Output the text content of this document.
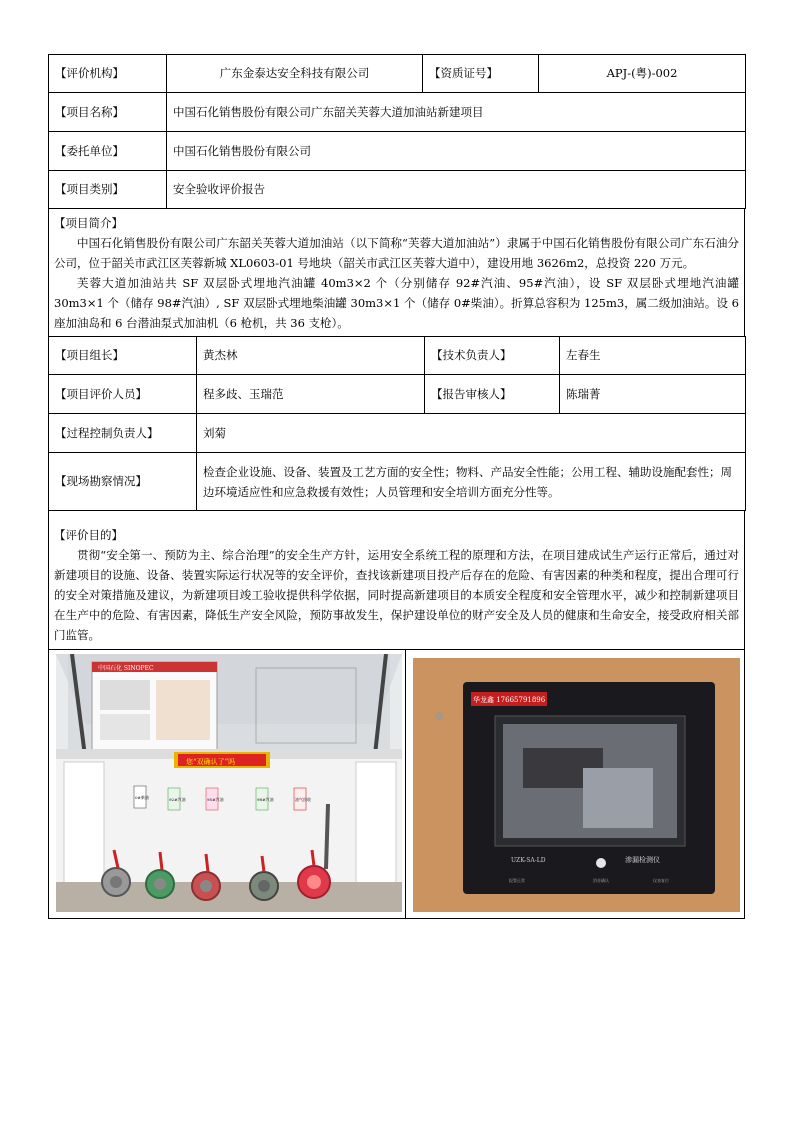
【评价机构】	广东金泰达安全科技有限公司	【资质证号】	APJ-(粤)-002
【项目名称】	中国石化销售股份有限公司广东韶关芙蓉大道加油站新建项目		
【委托单位】	中国石化销售股份有限公司		
【项目类别】	安全验收评价报告		
【项目简介】

中国石化销售股份有限公司广东韶关芙蓉大道加油站（以下简称“芙蓉大道加油站”）隶属于中国石化销售股份有限公司广东石油分公司，位于韶关市武江区芙蓉新城 XL0603-01 号地块（韶关市武江区芙蓉大道中），建设用地 3626m2，总投资 220 万元。

芙蓉大道加油站共 SF 双层卧式埋地汽油罐 40m3×2 个（分别储存 92#汽油、95#汽油），设 SF 双层卧式埋地汽油罐 30m3×1 个（储存 98#汽油）, SF 双层卧式埋地柴油罐 30m3×1 个（储存 0#柴油）。折算总容积为 125m3，属二级加油站。设 6 座加油岛和 6 台潜油泵式加油机（6 枪机，共 36 支枪）。

【项目组长】	黄杰林	【技术负责人】	左春生
【项目评价人员】	程多歧、玉瑞范	【报告审核人】	陈瑞菁
【过程控制负责人】	刘菊		
【现场勘察情况】	检查企业设施、设备、装置及工艺方面的安全性；物料、产品安全性能；公用工程、辅助设施配套性；周边环境适应性和应急救援有效性；人员管理和安全培训方面充分性等。		
【评价目的】

贯彻“安全第一、预防为主、综合治理”的安全生产方针，运用安全系统工程的原理和方法，在项目建成试生产运行正常后，通过对新建项目的设施、设备、装置实际运行状况等的安全评价，查找该新建项目投产后存在的危险、有害因素的种类和程度，提出合理可行的安全对策措施及建议，为新建项目竣工验收提供科学依据，同时提高新建项目的本质安全程度和安全管理水平，减少和控制新建项目在生产中的危险、有害因素，降低生产安全风险，预防事故发生，保护建设单位的财产安全及人员的健康和生命安全，接受政府相关部门监管。

中国石化 SINOPEC
您“双确认了”吗
0#柴油	92#汽油	95#汽油	98#汽油	油气回收
华龙鑫 17665791896
UZK-SA-LD	渗漏检测仪
报警正常	消音确认	仪表复位
